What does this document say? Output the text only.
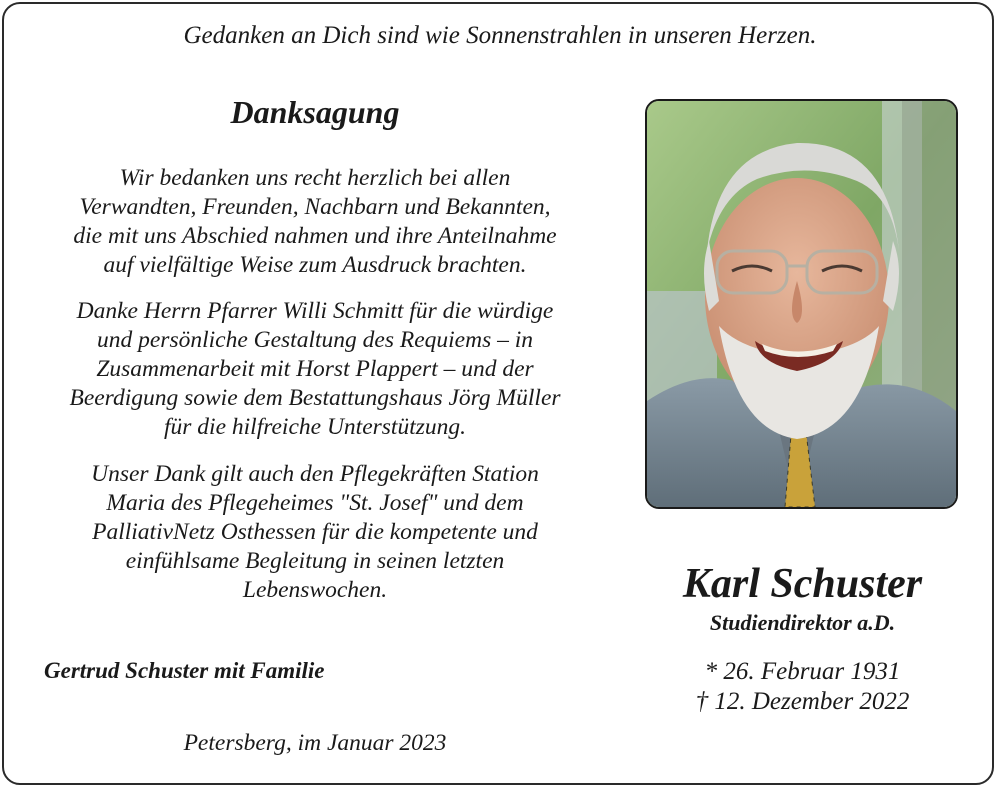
Gedanken an Dich sind wie Sonnenstrahlen in unseren Herzen.
Danksagung
Wir bedanken uns recht herzlich bei allen
Verwandten, Freunden, Nachbarn und Bekannten,
die mit uns Abschied nahmen und ihre Anteilnahme
auf vielfältige Weise zum Ausdruck brachten.
Danke Herrn Pfarrer Willi Schmitt für die würdige
und persönliche Gestaltung des Requiems – in
Zusammenarbeit mit Horst Plappert – und der
Beerdigung sowie dem Bestattungshaus Jörg Müller
für die hilfreiche Unterstützung.
Unser Dank gilt auch den Pflegekräften Station
Maria des Pflegeheimes "St. Josef" und dem
PalliativNetz Osthessen für die kompetente und
einfühlsame Begleitung in seinen letzten
Lebenswochen.
Gertrud Schuster mit Familie
Petersberg, im Januar 2023
Karl Schuster
Studiendirektor a.D.
* 26. Februar 1931
† 12. Dezember 2022
